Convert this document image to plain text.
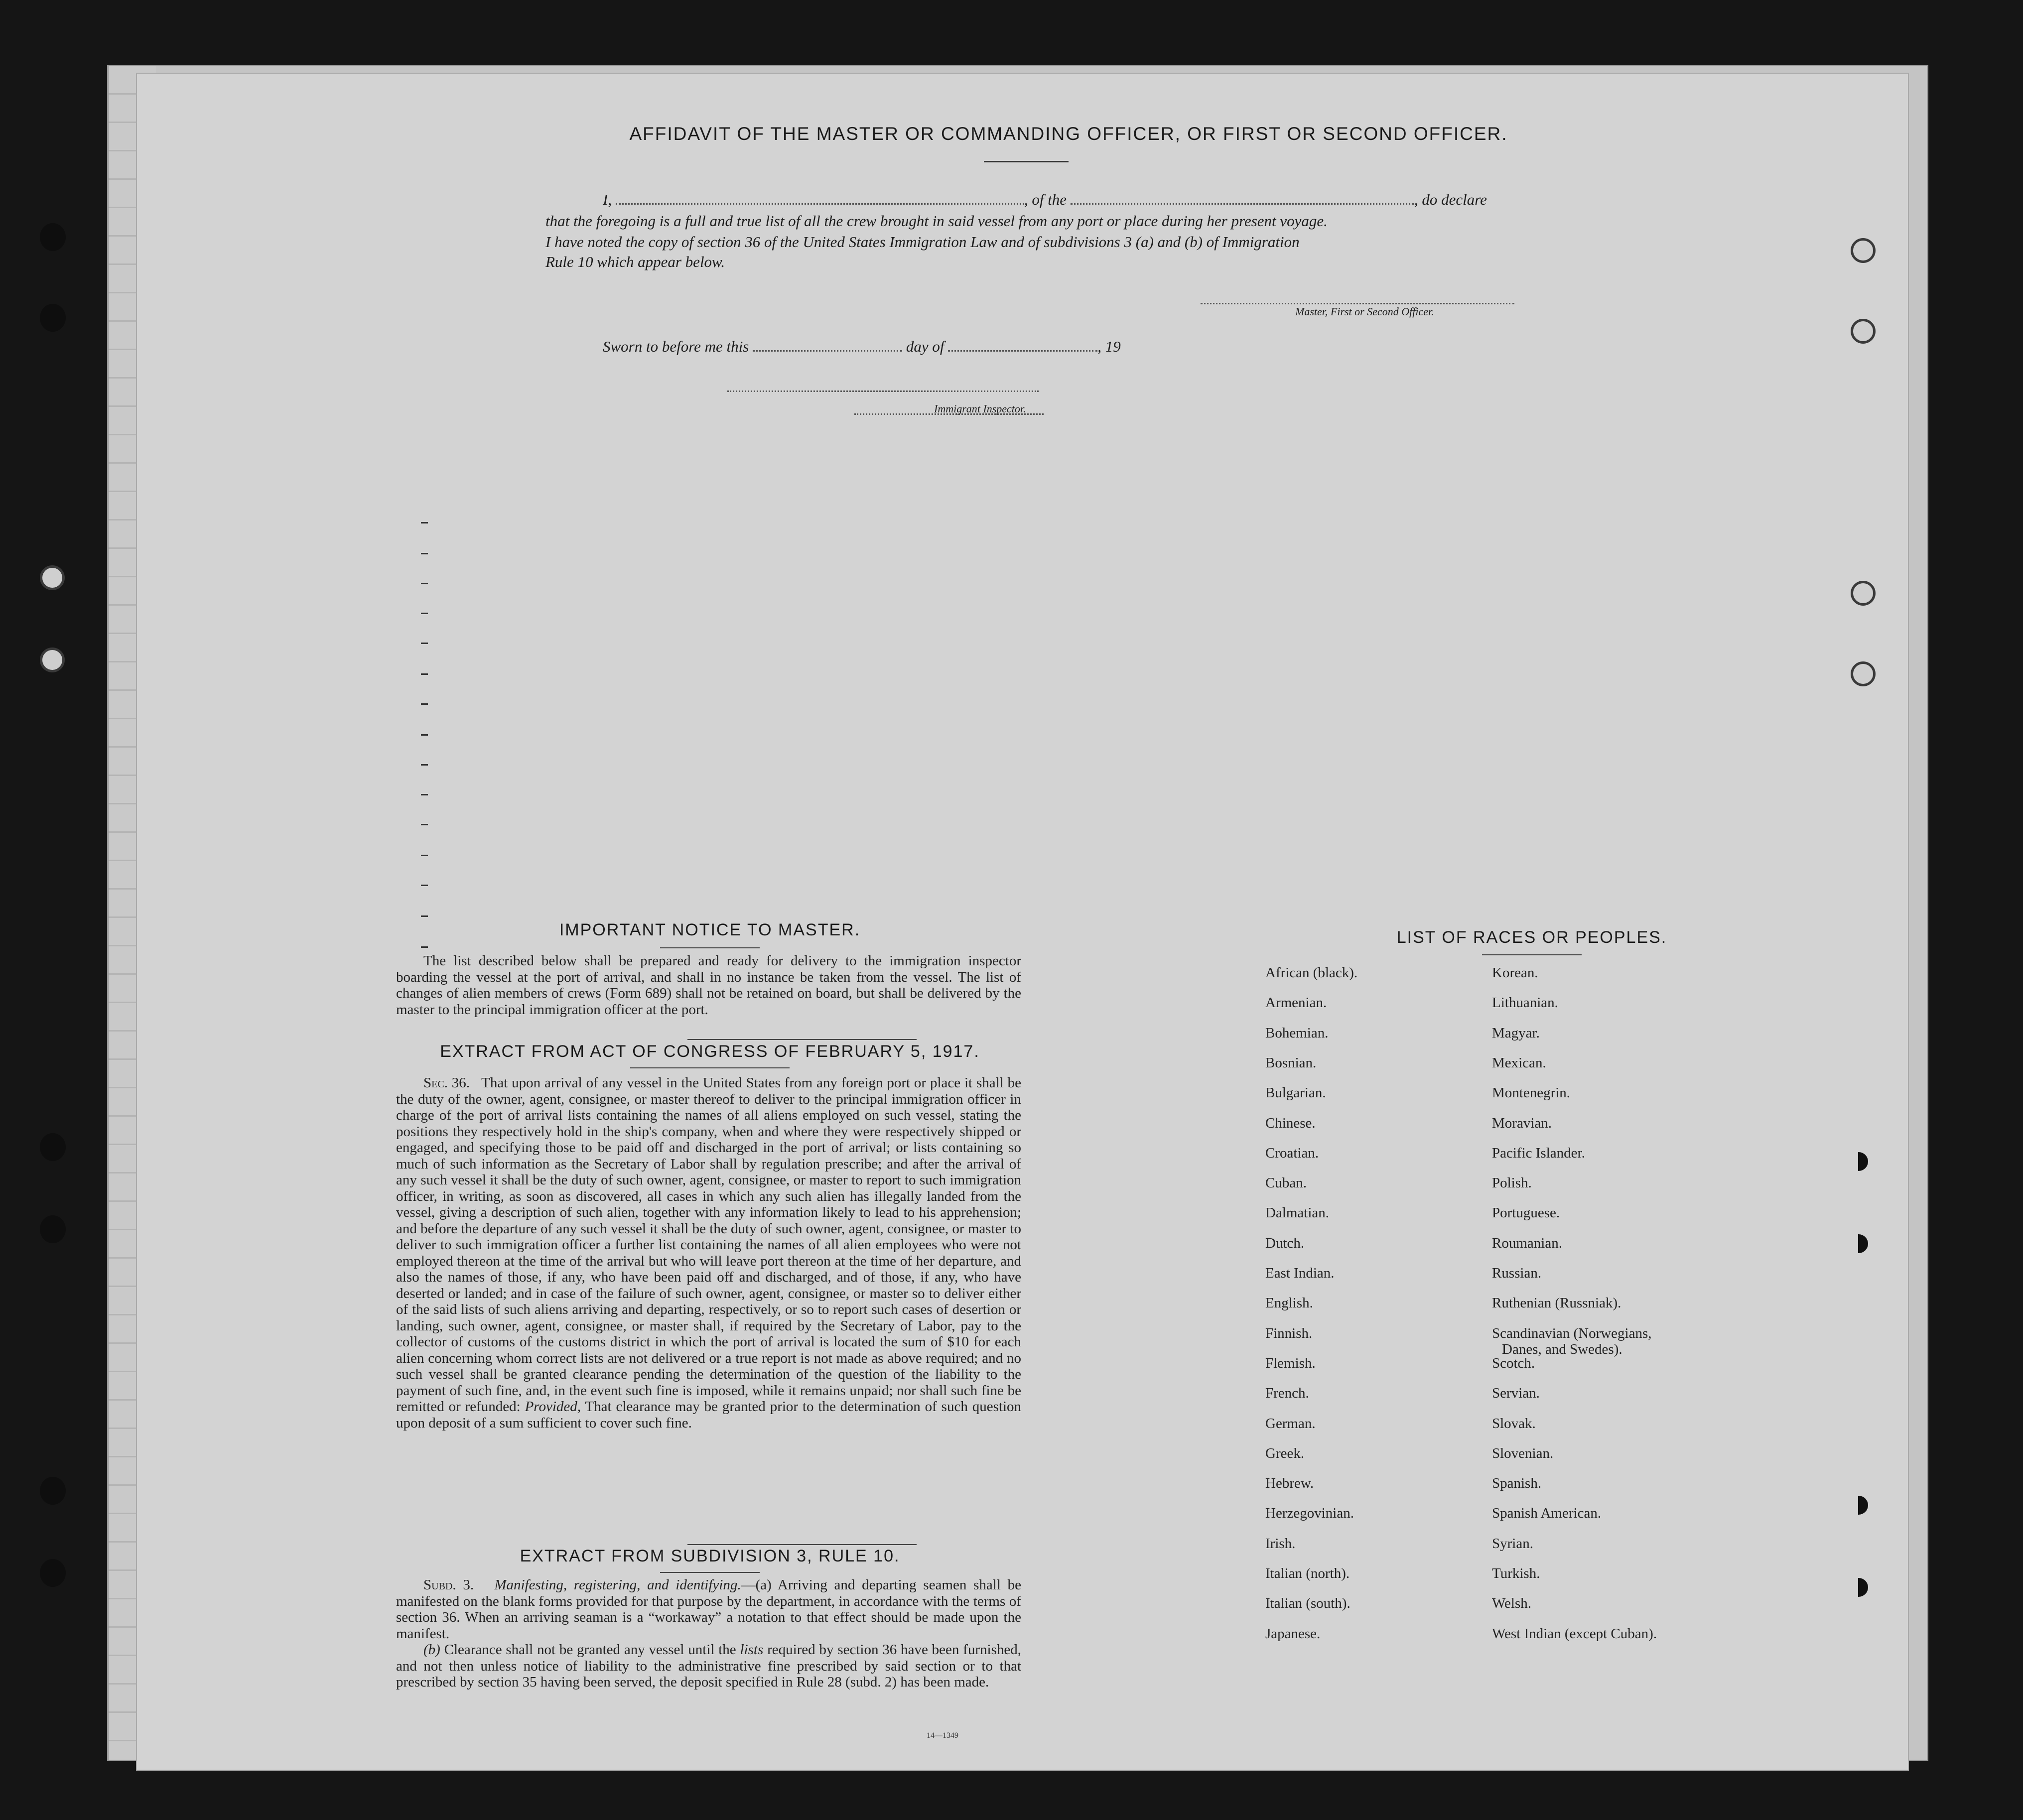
AFFIDAVIT OF THE MASTER OR COMMANDING OFFICER, OR FIRST OR SECOND OFFICER.
I,	, of the	, do declare
that the foregoing is a full and true list of all the crew brought in said vessel from any port or place during her present voyage.
I have noted the copy of section 36 of the United States Immigration Law and of subdivisions 3 (a) and (b) of Immigration
Rule 10 which appear below.
Master, First or Second Officer.
Sworn to before me this	day of	, 19
Immigrant Inspector.
IMPORTANT NOTICE TO MASTER.

The list described below shall be prepared and ready for delivery to the immigration inspector boarding the vessel at the port of arrival, and shall in no instance be taken from the vessel. The list of changes of alien members of crews (Form 689) shall not be retained on board, but shall be delivered by the master to the principal immigration officer at the port.

EXTRACT FROM ACT OF CONGRESS OF FEBRUARY 5, 1917.

Sec. 36. That upon arrival of any vessel in the United States from any foreign port or place it shall be the duty of the owner, agent, consignee, or master thereof to deliver to the principal immigration officer in charge of the port of arrival lists containing the names of all aliens employed on such vessel, stating the positions they respectively hold in the ship's company, when and where they were respectively shipped or engaged, and specifying those to be paid off and discharged in the port of arrival; or lists containing so much of such information as the Secretary of Labor shall by regulation prescribe; and after the arrival of any such vessel it shall be the duty of such owner, agent, consignee, or master to report to such immigration officer, in writing, as soon as discovered, all cases in which any such alien has illegally landed from the vessel, giving a description of such alien, together with any information likely to lead to his apprehension; and before the departure of any such vessel it shall be the duty of such owner, agent, consignee, or master to deliver to such immigration officer a further list containing the names of all alien employees who were not employed thereon at the time of the arrival but who will leave port thereon at the time of her departure, and also the names of those, if any, who have been paid off and discharged, and of those, if any, who have deserted or landed; and in case of the failure of such owner, agent, consignee, or master so to deliver either of the said lists of such aliens arriving and departing, respectively, or so to report such cases of desertion or landing, such owner, agent, consignee, or master shall, if required by the Secretary of Labor, pay to the collector of customs of the customs district in which the port of arrival is located the sum of $10 for each alien concerning whom correct lists are not delivered or a true report is not made as above required; and no such vessel shall be granted clearance pending the determination of the question of the liability to the payment of such fine, and, in the event such fine is imposed, while it remains unpaid; nor shall such fine be remitted or refunded: Provided, That clearance may be granted prior to the determination of such question upon deposit of a sum sufficient to cover such fine.

EXTRACT FROM SUBDIVISION 3, RULE 10.

Subd. 3. Manifesting, registering, and identifying.—(a) Arriving and departing seamen shall be manifested on the blank forms provided for that purpose by the department, in accordance with the terms of section 36. When an arriving seaman is a “workaway” a notation to that effect should be made upon the manifest.

(b) Clearance shall not be granted any vessel until the lists required by section 36 have been furnished, and not then unless notice of liability to the administrative fine prescribed by said section or to that prescribed by section 35 having been served, the deposit specified in Rule 28 (subd. 2) has been made.

14—1349
LIST OF RACES OR PEOPLES.
African (black).
Armenian.
Bohemian.
Bosnian.
Bulgarian.
Chinese.
Croatian.
Cuban.
Dalmatian.
Dutch.
East Indian.
English.
Finnish.
Flemish.
French.
German.
Greek.
Hebrew.
Herzegovinian.
Irish.
Italian (north).
Italian (south).
Japanese.
Korean.
Lithuanian.
Magyar.
Mexican.
Montenegrin.
Moravian.
Pacific Islander.
Polish.
Portuguese.
Roumanian.
Russian.
Ruthenian (Russniak).
Scandinavian (Norwegians,
Danes, and Swedes).
Scotch.
Servian.
Slovak.
Slovenian.
Spanish.
Spanish American.
Syrian.
Turkish.
Welsh.
West Indian (except Cuban).
